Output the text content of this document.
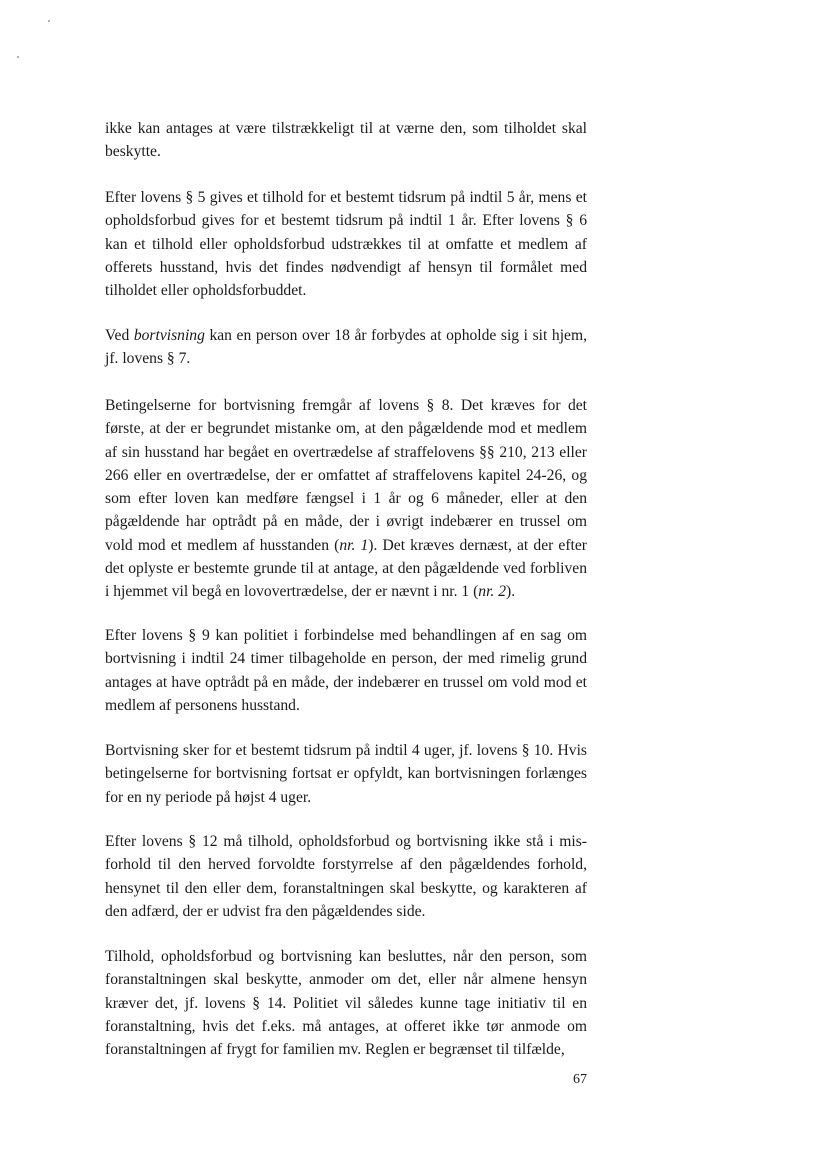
ikke kan antages at være tilstrækkeligt til at værne den, som tilholdet skal beskytte.

Efter lovens § 5 gives et tilhold for et bestemt tidsrum på indtil 5 år, mens et opholdsforbud gives for et bestemt tidsrum på indtil 1 år. Efter lovens § 6 kan et tilhold eller opholdsforbud udstrækkes til at omfatte et medlem af offerets husstand, hvis det findes nødvendigt af hensyn til formålet med tilholdet eller opholdsforbuddet.

Ved bortvisning kan en person over 18 år forbydes at opholde sig i sit hjem, jf. lovens § 7.

Betingelserne for bortvisning fremgår af lovens § 8. Det kræves for det første, at der er begrundet mistanke om, at den pågældende mod et medlem af sin husstand har begået en overtrædelse af straffelovens §§ 210, 213 eller 266 eller en overtrædelse, der er omfattet af straffelovens kapitel 24-26, og som efter loven kan medføre fængsel i 1 år og 6 måneder, eller at den pågældende har optrådt på en måde, der i øvrigt indebærer en trussel om vold mod et medlem af husstanden (nr. 1). Det kræves dernæst, at der efter det oplyste er bestemte grunde til at antage, at den pågældende ved forbliven i hjemmet vil begå en lovovertrædelse, der er nævnt i nr. 1 (nr. 2).

Efter lovens § 9 kan politiet i forbindelse med behandlingen af en sag om bortvisning i indtil 24 timer tilbageholde en person, der med rimelig grund antages at have optrådt på en måde, der indebærer en trussel om vold mod et medlem af personens husstand.

Bortvisning sker for et bestemt tidsrum på indtil 4 uger, jf. lovens § 10. Hvis betingelserne for bortvisning fortsat er opfyldt, kan bortvisningen forlænges for en ny periode på højst 4 uger.

Efter lovens § 12 må tilhold, opholdsforbud og bortvisning ikke stå i misforhold til den herved forvoldte forstyrrelse af den pågældendes forhold, hensynet til den eller dem, foranstaltningen skal beskytte, og karakteren af den adfærd, der er udvist fra den pågældendes side.

Tilhold, opholdsforbud og bortvisning kan besluttes, når den person, som foranstaltningen skal beskytte, anmoder om det, eller når almene hensyn kræver det, jf. lovens § 14. Politiet vil således kunne tage initiativ til en foranstaltning, hvis det f.eks. må antages, at offeret ikke tør anmode om foranstaltningen af frygt for familien mv. Reglen er begrænset til tilfælde,

67
